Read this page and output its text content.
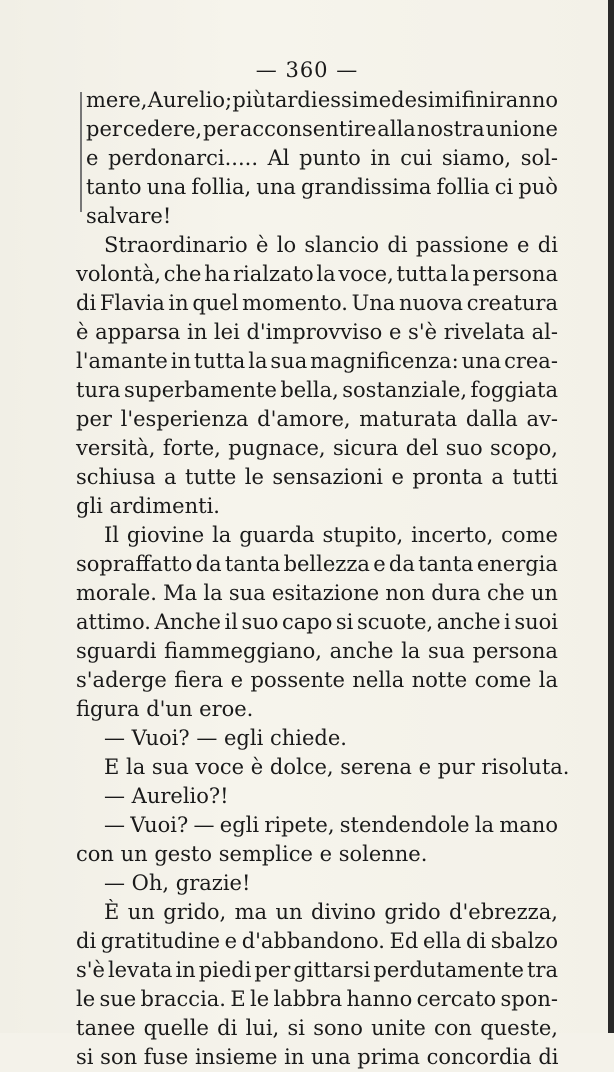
— 360 —
mere, Aurelio; più tardi essi medesimi finiranno
per cedere, per acconsentire alla nostra unione
e perdonarci..... Al punto in cui siamo, sol-
tanto una follia, una grandissima follia ci può
salvare!
Straordinario è lo slancio di passione e di
volontà, che ha rialzato la voce, tutta la persona
di Flavia in quel momento. Una nuova creatura
è apparsa in lei d'improvviso e s'è rivelata al-
l'amante in tutta la sua magnificenza: una crea-
tura superbamente bella, sostanziale, foggiata
per l'esperienza d'amore, maturata dalla av-
versità, forte, pugnace, sicura del suo scopo,
schiusa a tutte le sensazioni e pronta a tutti
gli ardimenti.
Il giovine la guarda stupito, incerto, come
sopraffatto da tanta bellezza e da tanta energia
morale. Ma la sua esitazione non dura che un
attimo. Anche il suo capo si scuote, anche i suoi
sguardi fiammeggiano, anche la sua persona
s'aderge fiera e possente nella notte come la
figura d'un eroe.
— Vuoi? — egli chiede.
E la sua voce è dolce, serena e pur risoluta.
— Aurelio?!
— Vuoi? — egli ripete, stendendole la mano
con un gesto semplice e solenne.
— Oh, grazie!
È un grido, ma un divino grido d'ebrezza,
di gratitudine e d'abbandono. Ed ella di sbalzo
s'è levata in piedi per gittarsi perdutamente tra
le sue braccia. E le labbra hanno cercato spon-
tanee quelle di lui, si sono unite con queste,
si son fuse insieme in una prima concordia di
